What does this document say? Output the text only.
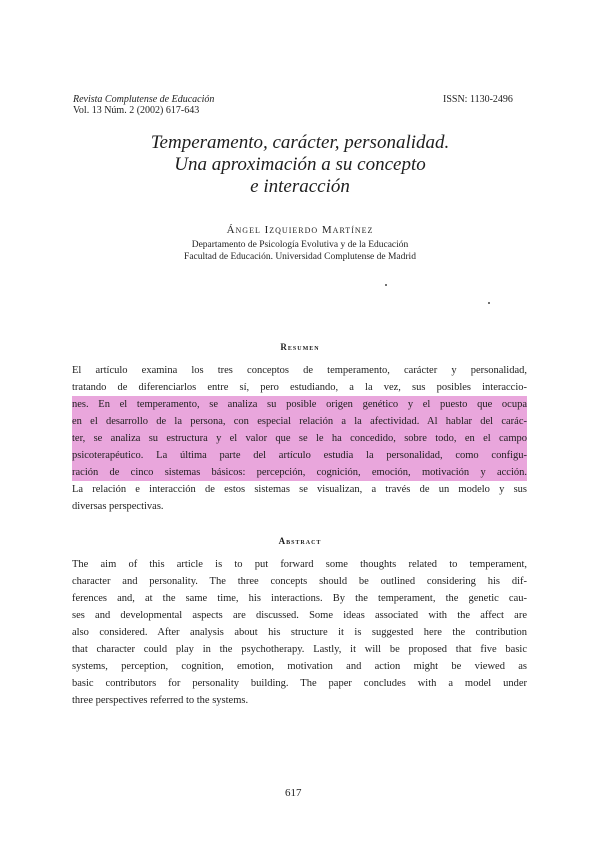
Revista Complutense de Educación
Vol. 13 Núm. 2 (2002) 617-643
ISSN: 1130-2496
Temperamento, carácter, personalidad.
Una aproximación a su concepto
e interacción
Ángel Izquierdo Martínez
Departamento de Psicología Evolutiva y de la Educación
Facultad de Educación. Universidad Complutense de Madrid
Resumen
El artículo examina los tres conceptos de temperamento, carácter y personalidad,
tratando de diferenciarlos entre sí, pero estudiando, a la vez, sus posibles interaccio-
nes. En el temperamento, se analiza su posible origen genético y el puesto que ocupa
en el desarrollo de la persona, con especial relación a la afectividad. Al hablar del carác-
ter, se analiza su estructura y el valor que se le ha concedido, sobre todo, en el campo
psicoterapéutico. La última parte del artículo estudia la personalidad, como configu-
ración de cinco sistemas básicos: percepción, cognición, emoción, motivación y acción.
La relación e interacción de estos sistemas se visualizan, a través de un modelo y sus
diversas perspectivas.
Abstract
The aim of this article is to put forward some thoughts related to temperament,
character and personality. The three concepts should be outlined considering his dif-
ferences and, at the same time, his interactions. By the temperament, the genetic cau-
ses and developmental aspects are discussed. Some ideas associated with the affect are
also considered. After analysis about his structure it is suggested here the contribution
that character could play in the psychotherapy. Lastly, it will be proposed that five basic
systems, perception, cognition, emotion, motivation and action might be viewed as
basic contributors for personality building. The paper concludes with a model under
three perspectives referred to the systems.
617
